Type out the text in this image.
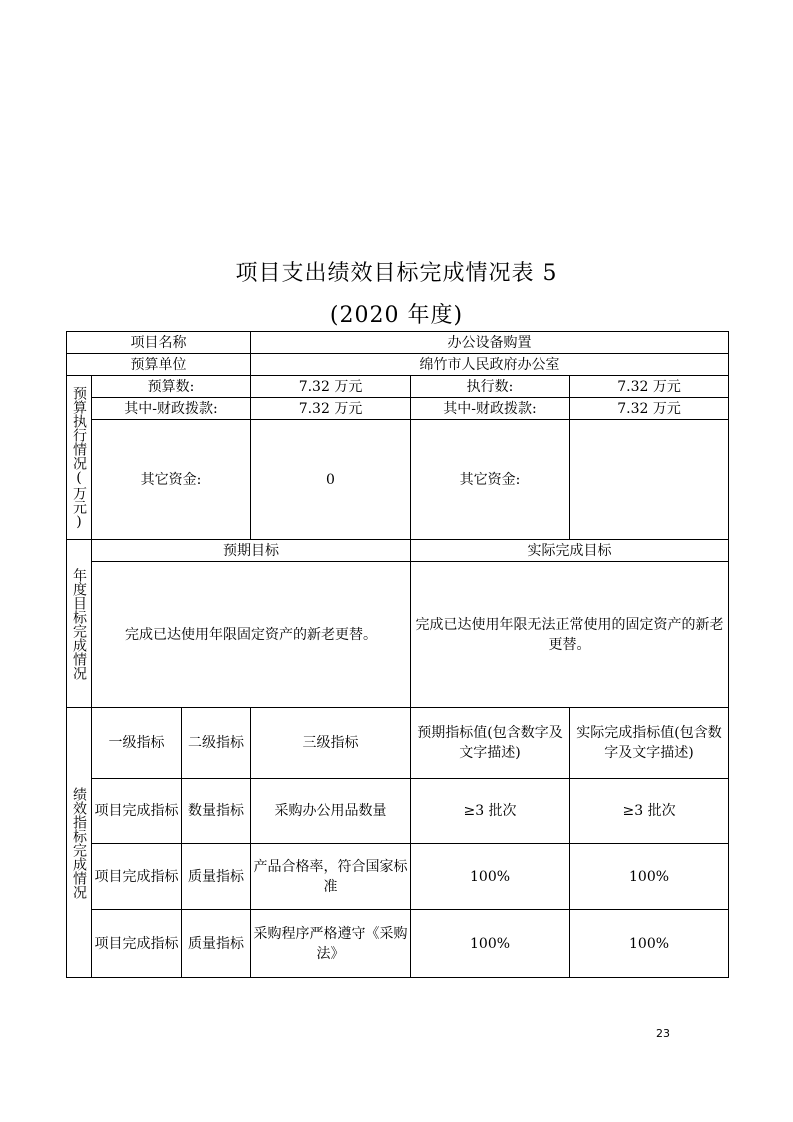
项目支出绩效目标完成情况表 5
(2020 年度)
项目名称			办公设备购置		
预算单位			绵竹市人民政府办公室		

预算执行情况(万元)	预算数:		7.32 万元	执行数:	7.32 万元
	其中-财政拨款:		7.32 万元	其中-财政拨款:	7.32 万元
	其它资金:		0	其它资金:	

年度目标完成情况	预期目标			实际完成目标	
	完成已达使用年限固定资产的新老更替。			完成已达使用年限无法正常使用的固定资产的新老更替。	

绩效指标完成情况	一级指标	二级指标	三级指标	预期指标值(包含数字及文字描述)	实际完成指标值(包含数字及文字描述)
	项目完成指标	数量指标	采购办公用品数量	≥3 批次	≥3 批次
	项目完成指标	质量指标	产品合格率，符合国家标准	100%	100%
	项目完成指标	质量指标	采购程序严格遵守《采购法》	100%	100%
23
